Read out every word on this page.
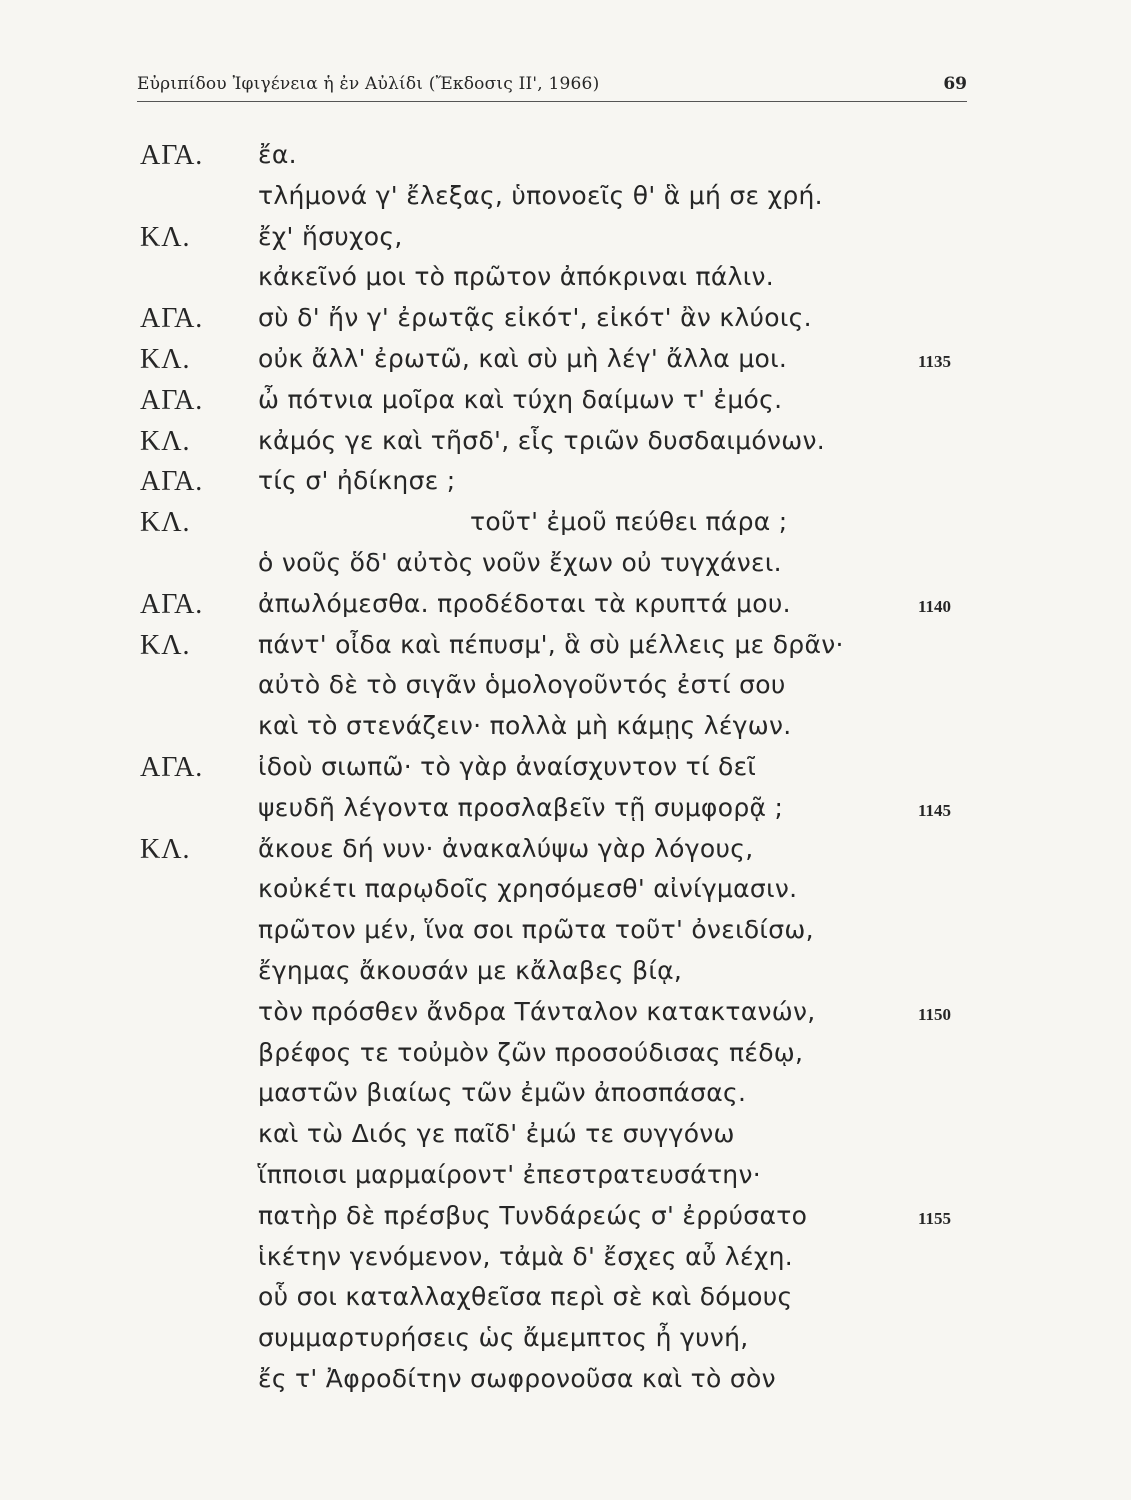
Εὐριπίδου Ἰφιγένεια ἡ ἐν Αὐλίδι (Ἔκδοσις II', 1966)	69
ΑΓΑ. ἔα.
τλήμονά γ' ἔλεξας, ὑπονοεῖς θ' ἃ μή σε χρή.
ΚΛ.	ἔχ' ἥσυχος,
κἀκεῖνό μοι τὸ πρῶτον ἀπόκριναι πάλιν.
ΑΓΑ. σὺ δ' ἤν γ' ἐρωτᾷς εἰκότ', εἰκότ' ἂν κλύοις.
ΚΛ.	οὐκ ἄλλ' ἐρωτῶ, καὶ σὺ μὴ λέγ' ἄλλα μοι.	1135
ΑΓΑ. ὦ πότνια μοῖρα καὶ τύχη δαίμων τ' ἐμός.
ΚΛ.	κἀμός γε καὶ τῆσδ', εἷς τριῶν δυσδαιμόνων.
ΑΓΑ. τίς σ' ἠδίκησε ;
ΚΛ.	τοῦτ' ἐμοῦ πεύθει πάρα ;
ὁ νοῦς ὅδ' αὐτὸς νοῦν ἔχων οὐ τυγχάνει.
ΑΓΑ. ἀπωλόμεσθα. προδέδοται τὰ κρυπτά μου.	1140
ΚΛ.	πάντ' οἶδα καὶ πέπυσμ', ἃ σὺ μέλλεις με δρᾶν·
αὐτὸ δὲ τὸ σιγᾶν ὁμολογοῦντός ἐστί σου
καὶ τὸ στενάζειν· πολλὰ μὴ κάμῃς λέγων.
ΑΓΑ. ἰδοὺ σιωπῶ· τὸ γὰρ ἀναίσχυντον τί δεῖ
ψευδῆ λέγοντα προσλαβεῖν τῇ συμφορᾷ ;	1145
ΚΛ.	ἄκουε δή νυν· ἀνακαλύψω γὰρ λόγους,
κοὐκέτι παρῳδοῖς χρησόμεσθ' αἰνίγμασιν.
πρῶτον μέν, ἵνα σοι πρῶτα τοῦτ' ὀνειδίσω,
ἔγημας ἄκουσάν με κἄλαβες βίᾳ,
τὸν πρόσθεν ἄνδρα Τάνταλον κατακτανών,	1150
βρέφος τε τοὐμὸν ζῶν προσούδισας πέδῳ,
μαστῶν βιαίως τῶν ἐμῶν ἀποσπάσας.
καὶ τὼ Διός γε παῖδ' ἐμώ τε συγγόνω
ἵπποισι μαρμαίροντ' ἐπεστρατευσάτην·
πατὴρ δὲ πρέσβυς Τυνδάρεώς σ' ἐρρύσατο	1155
ἱκέτην γενόμενον, τἀμὰ δ' ἔσχες αὖ λέχη.
οὗ σοι καταλλαχθεῖσα περὶ σὲ καὶ δόμους
συμμαρτυρήσεις ὡς ἄμεμπτος ἦ γυνή,
ἔς τ' Ἀφροδίτην σωφρονοῦσα καὶ τὸ σὸν
